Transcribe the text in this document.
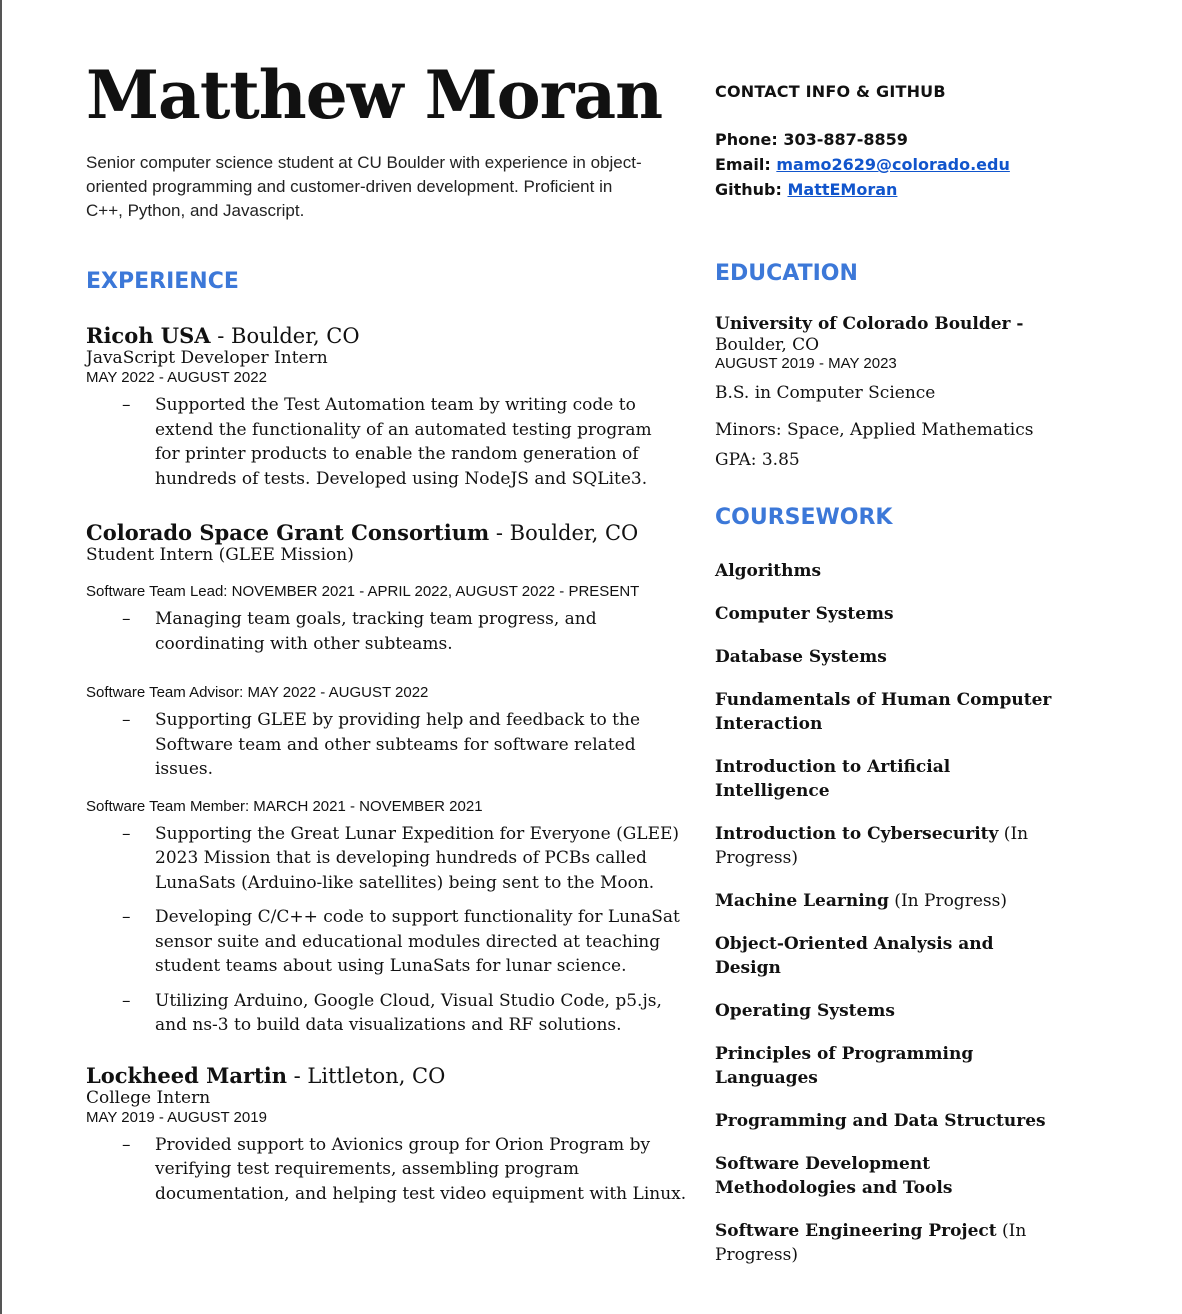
Matthew Moran

Senior computer science student at CU Boulder with experience in object-oriented programming and customer-driven development. Proficient in C++, Python, and Javascript.

EXPERIENCE

Ricoh USA - Boulder, CO

JavaScript Developer Intern

MAY 2022 - AUGUST 2022

– Supported the Test Automation team by writing code to extend the functionality of an automated testing program for printer products to enable the random generation of hundreds of tests. Developed using NodeJS and SQLite3.

Colorado Space Grant Consortium - Boulder, CO

Student Intern (GLEE Mission)

Software Team Lead: NOVEMBER 2021 - APRIL 2022, AUGUST 2022 - PRESENT

– Managing team goals, tracking team progress, and coordinating with other subteams.

Software Team Advisor: MAY 2022 - AUGUST 2022

– Supporting GLEE by providing help and feedback to the Software team and other subteams for software related issues.

Software Team Member: MARCH 2021 - NOVEMBER 2021

– Supporting the Great Lunar Expedition for Everyone (GLEE) 2023 Mission that is developing hundreds of PCBs called LunaSats (Arduino-like satellites) being sent to the Moon.
– Developing C/C++ code to support functionality for LunaSat sensor suite and educational modules directed at teaching student teams about using LunaSats for lunar science.
– Utilizing Arduino, Google Cloud, Visual Studio Code, p5.js, and ns-3 to build data visualizations and RF solutions.

Lockheed Martin - Littleton, CO

College Intern

MAY 2019 - AUGUST 2019

– Provided support to Avionics group for Orion Program by verifying test requirements, assembling program documentation, and helping test video equipment with Linux.

CONTACT INFO & GITHUB

Phone: 303-887-8859

Email: mamo2629@colorado.edu

Github: MattEMoran

EDUCATION

University of Colorado Boulder -

Boulder, CO

AUGUST 2019 - MAY 2023

B.S. in Computer Science

Minors: Space, Applied Mathematics

GPA: 3.85

COURSEWORK

Algorithms

Computer Systems

Database Systems

Fundamentals of Human Computer Interaction

Introduction to Artificial Intelligence

Introduction to Cybersecurity (In Progress)

Machine Learning (In Progress)

Object-Oriented Analysis and Design

Operating Systems

Principles of Programming Languages

Programming and Data Structures

Software Development Methodologies and Tools

Software Engineering Project (In Progress)
